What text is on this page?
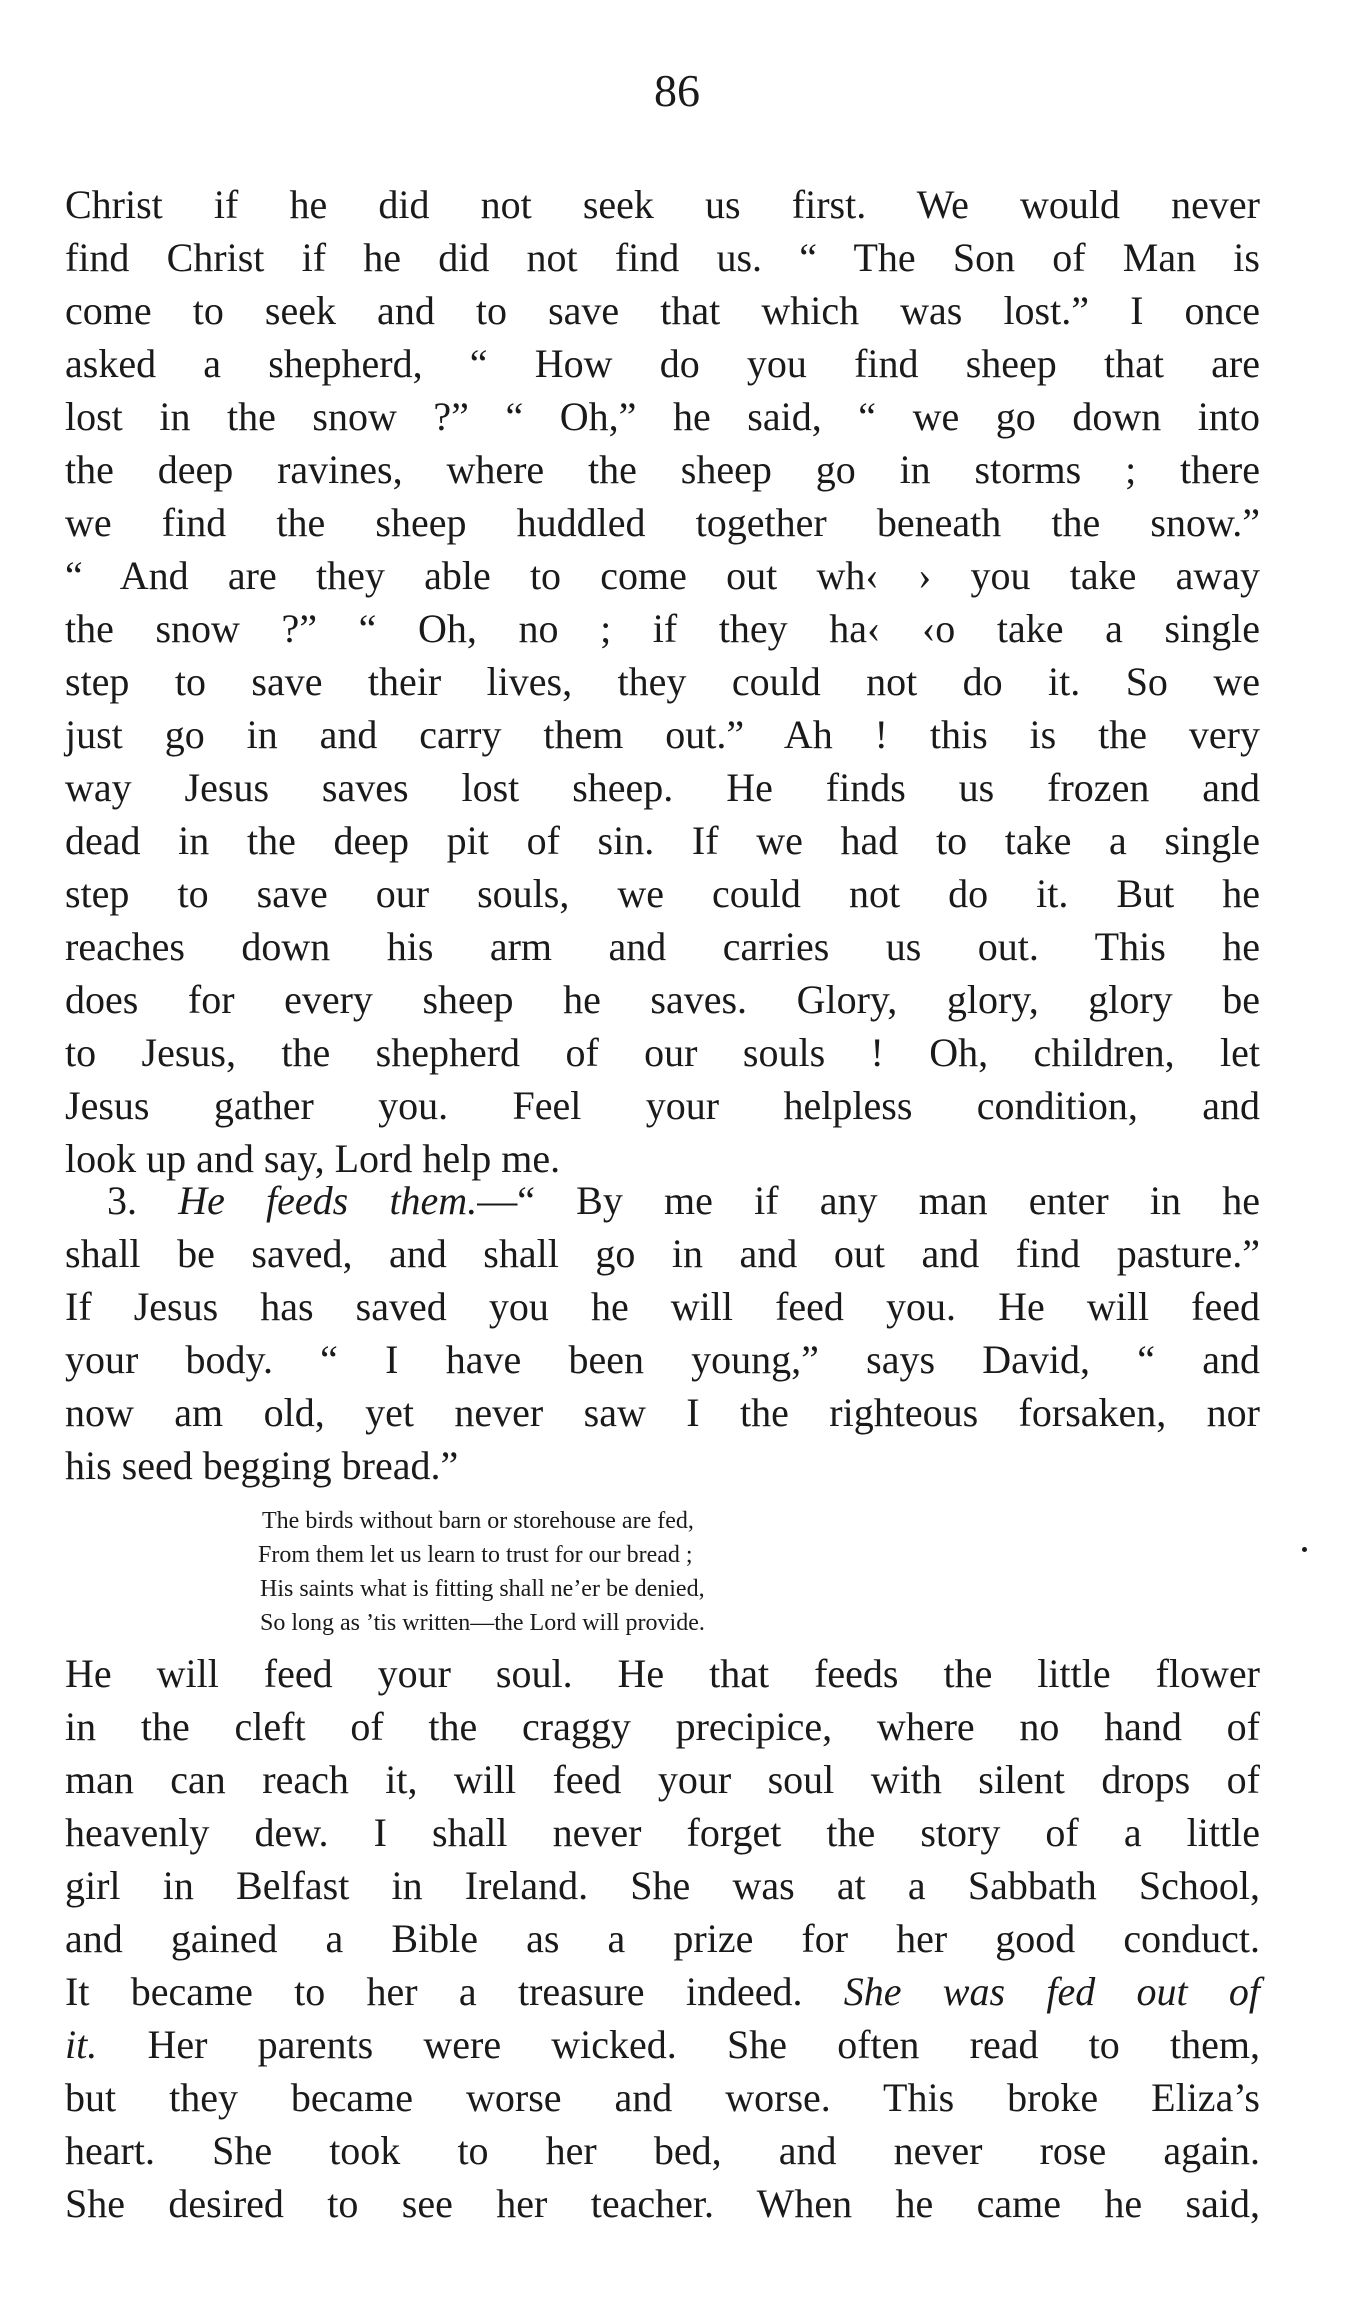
86
Christ if he did not seek us first. We would never
find Christ if he did not find us. “ The Son of Man is
come to seek and to save that which was lost.” I once
asked a shepherd, “ How do you find sheep that are
lost in the snow ?” “ Oh,” he said, “ we go down into
the deep ravines, where the sheep go in storms ; there
we find the sheep huddled together beneath the snow.”
“ And are they able to come out wh‹ › you take away
the snow ?” “ Oh, no ; if they ha‹ ‹o take a single
step to save their lives, they could not do it. So we
just go in and carry them out.” Ah ! this is the very
way Jesus saves lost sheep. He finds us frozen and
dead in the deep pit of sin. If we had to take a single
step to save our souls, we could not do it. But he
reaches down his arm and carries us out. This he
does for every sheep he saves. Glory, glory, glory be
to Jesus, the shepherd of our souls ! Oh, children, let
Jesus gather you. Feel your helpless condition, and
look up and say, Lord help me.
3. He feeds them.—“ By me if any man enter in he
shall be saved, and shall go in and out and find pasture.”
If Jesus has saved you he will feed you. He will feed
your body. “ I have been young,” says David, “ and
now am old, yet never saw I the righteous forsaken, nor
his seed begging bread.”
The birds without barn or storehouse are fed,
From them let us learn to trust for our bread ;
His saints what is fitting shall ne’er be denied,
So long as ’tis written—the Lord will provide.
He will feed your soul. He that feeds the little flower
in the cleft of the craggy precipice, where no hand of
man can reach it, will feed your soul with silent drops of
heavenly dew. I shall never forget the story of a little
girl in Belfast in Ireland. She was at a Sabbath School,
and gained a Bible as a prize for her good conduct.
It became to her a treasure indeed. She was fed out of
it. Her parents were wicked. She often read to them,
but they became worse and worse. This broke Eliza’s
heart. She took to her bed, and never rose again.
She desired to see her teacher. When he came he said,
